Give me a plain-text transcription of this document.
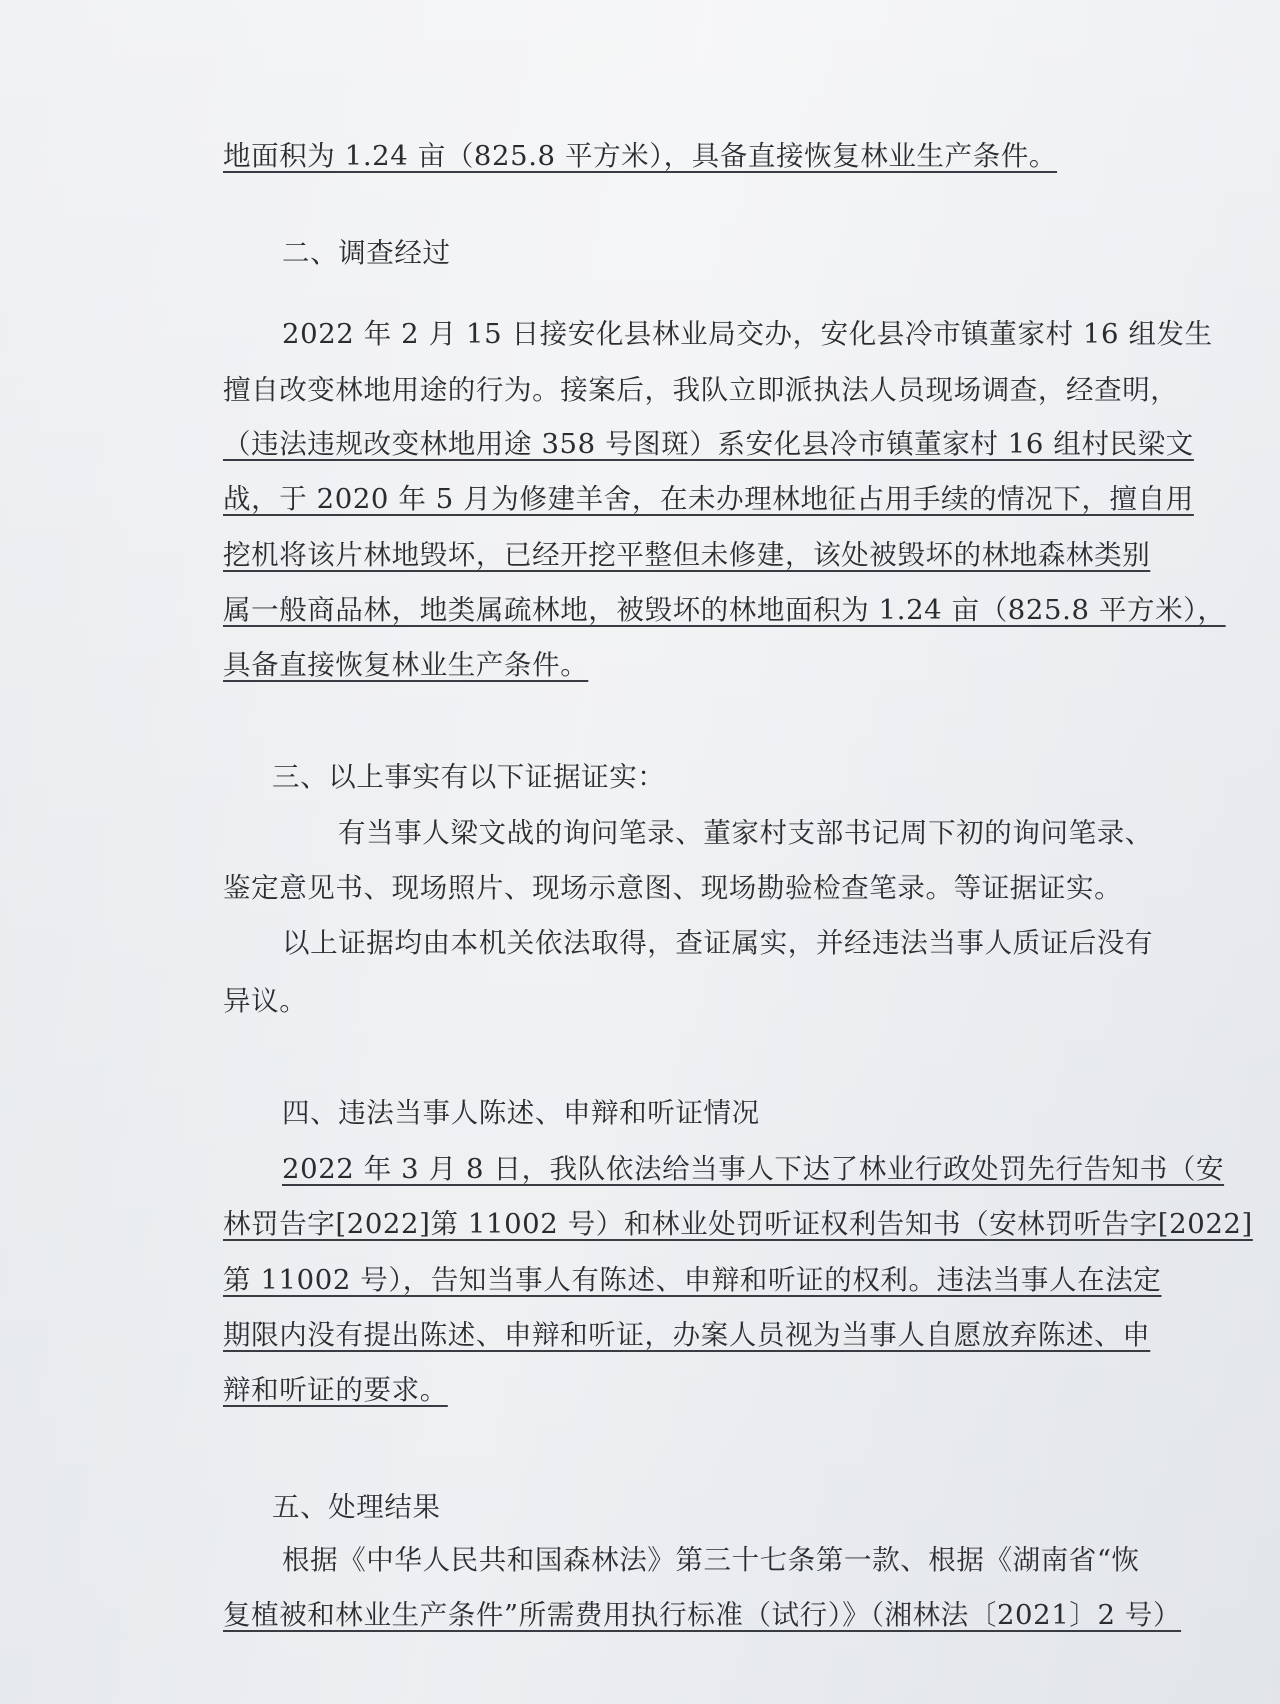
地面积为 1.24 亩（825.8 平方米），具备直接恢复林业生产条件。
二、调查经过
2022 年 2 月 15 日接安化县林业局交办，安化县冷市镇董家村 16 组发生
擅自改变林地用途的行为。接案后，我队立即派执法人员现场调查，经查明，
（违法违规改变林地用途 358 号图斑）系安化县冷市镇董家村 16 组村民梁文
战，于 2020 年 5 月为修建羊舍，在未办理林地征占用手续的情况下，擅自用
挖机将该片林地毁坏，已经开挖平整但未修建，该处被毁坏的林地森林类别
属一般商品林，地类属疏林地，被毁坏的林地面积为 1.24 亩（825.8 平方米），
具备直接恢复林业生产条件。
三、以上事实有以下证据证实：
有当事人梁文战的询问笔录、董家村支部书记周下初的询问笔录、
鉴定意见书、现场照片、现场示意图、现场勘验检查笔录。等证据证实。
以上证据均由本机关依法取得，查证属实，并经违法当事人质证后没有
异议。
四、违法当事人陈述、申辩和听证情况
2022 年 3 月 8 日，我队依法给当事人下达了林业行政处罚先行告知书（安
林罚告字[2022]第 11002 号）和林业处罚听证权利告知书（安林罚听告字[2022]
第 11002 号），告知当事人有陈述、申辩和听证的权利。违法当事人在法定
期限内没有提出陈述、申辩和听证，办案人员视为当事人自愿放弃陈述、申
辩和听证的要求。
五、处理结果
根据《中华人民共和国森林法》第三十七条第一款、根据《湖南省“恢
复植被和林业生产条件”所需费用执行标准（试行）》（湘林法〔2021〕2 号）
